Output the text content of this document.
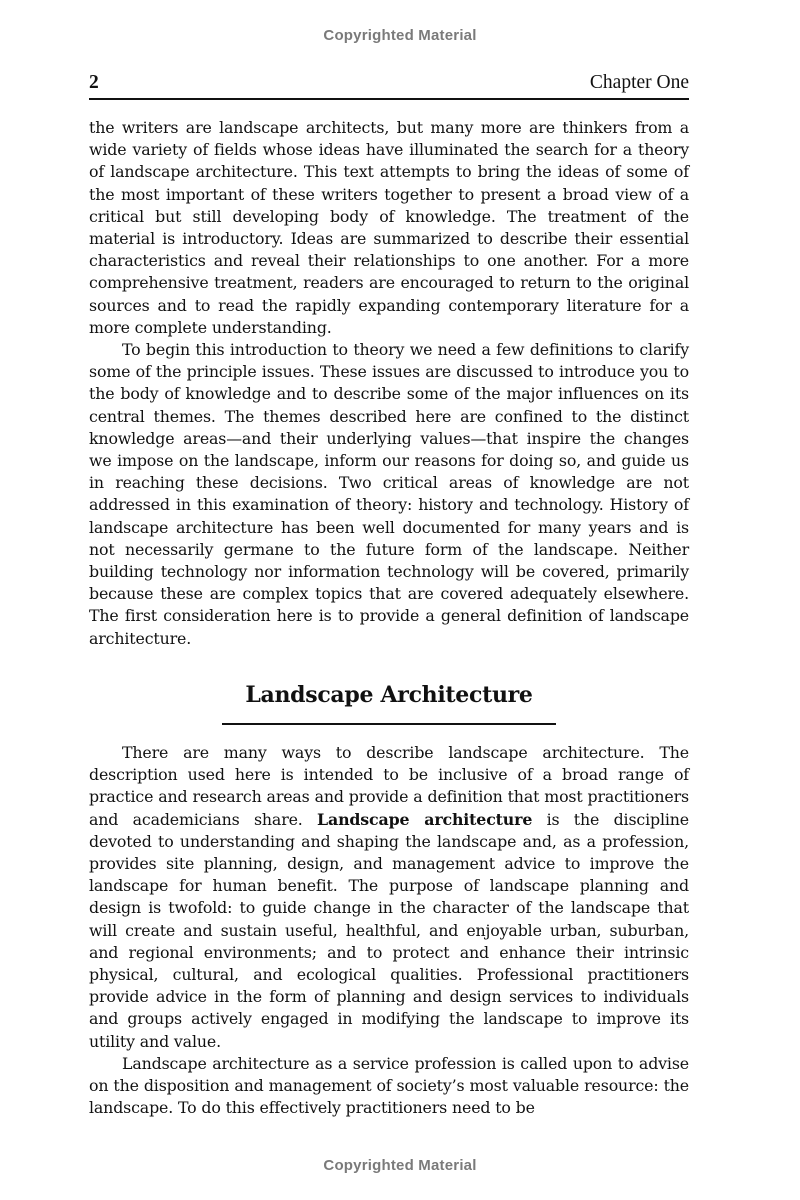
Copyrighted Material
2	Chapter One

the writers are landscape architects, but many more are thinkers from a wide variety of fields whose ideas have illuminated the search for a theory of landscape architecture. This text attempts to bring the ideas of some of the most important of these writers together to present a broad view of a critical but still developing body of knowledge. The treatment of the material is introductory. Ideas are summarized to describe their essential characteristics and reveal their relationships to one another. For a more comprehensive treatment, readers are encouraged to return to the original sources and to read the rapidly expanding contemporary literature for a more complete understanding.

To begin this introduction to theory we need a few definitions to clarify some of the principle issues. These issues are discussed to introduce you to the body of knowledge and to describe some of the major influences on its central themes. The themes described here are confined to the distinct knowledge areas—and their underlying values—that inspire the changes we impose on the landscape, inform our reasons for doing so, and guide us in reaching these decisions. Two critical areas of knowledge are not addressed in this examination of theory: history and technology. History of landscape architecture has been well documented for many years and is not necessarily germane to the future form of the landscape. Neither building technology nor information technology will be covered, primarily because these are complex topics that are covered adequately elsewhere. The first consideration here is to provide a general definition of landscape architecture.

Landscape Architecture

There are many ways to describe landscape architecture. The description used here is intended to be inclusive of a broad range of practice and research areas and provide a definition that most practitioners and academicians share. Landscape architecture is the discipline devoted to understanding and shaping the landscape and, as a profession, provides site planning, design, and management advice to improve the landscape for human benefit. The purpose of landscape planning and design is twofold: to guide change in the character of the landscape that will create and sustain useful, healthful, and enjoyable urban, suburban, and regional environments; and to protect and enhance their intrinsic physical, cultural, and ecological qualities. Professional practitioners provide advice in the form of planning and design services to individuals and groups actively engaged in modifying the landscape to improve its utility and value.

Landscape architecture as a service profession is called upon to advise on the disposition and management of society’s most valuable resource: the landscape. To do this effectively practitioners need to be

Copyrighted Material
